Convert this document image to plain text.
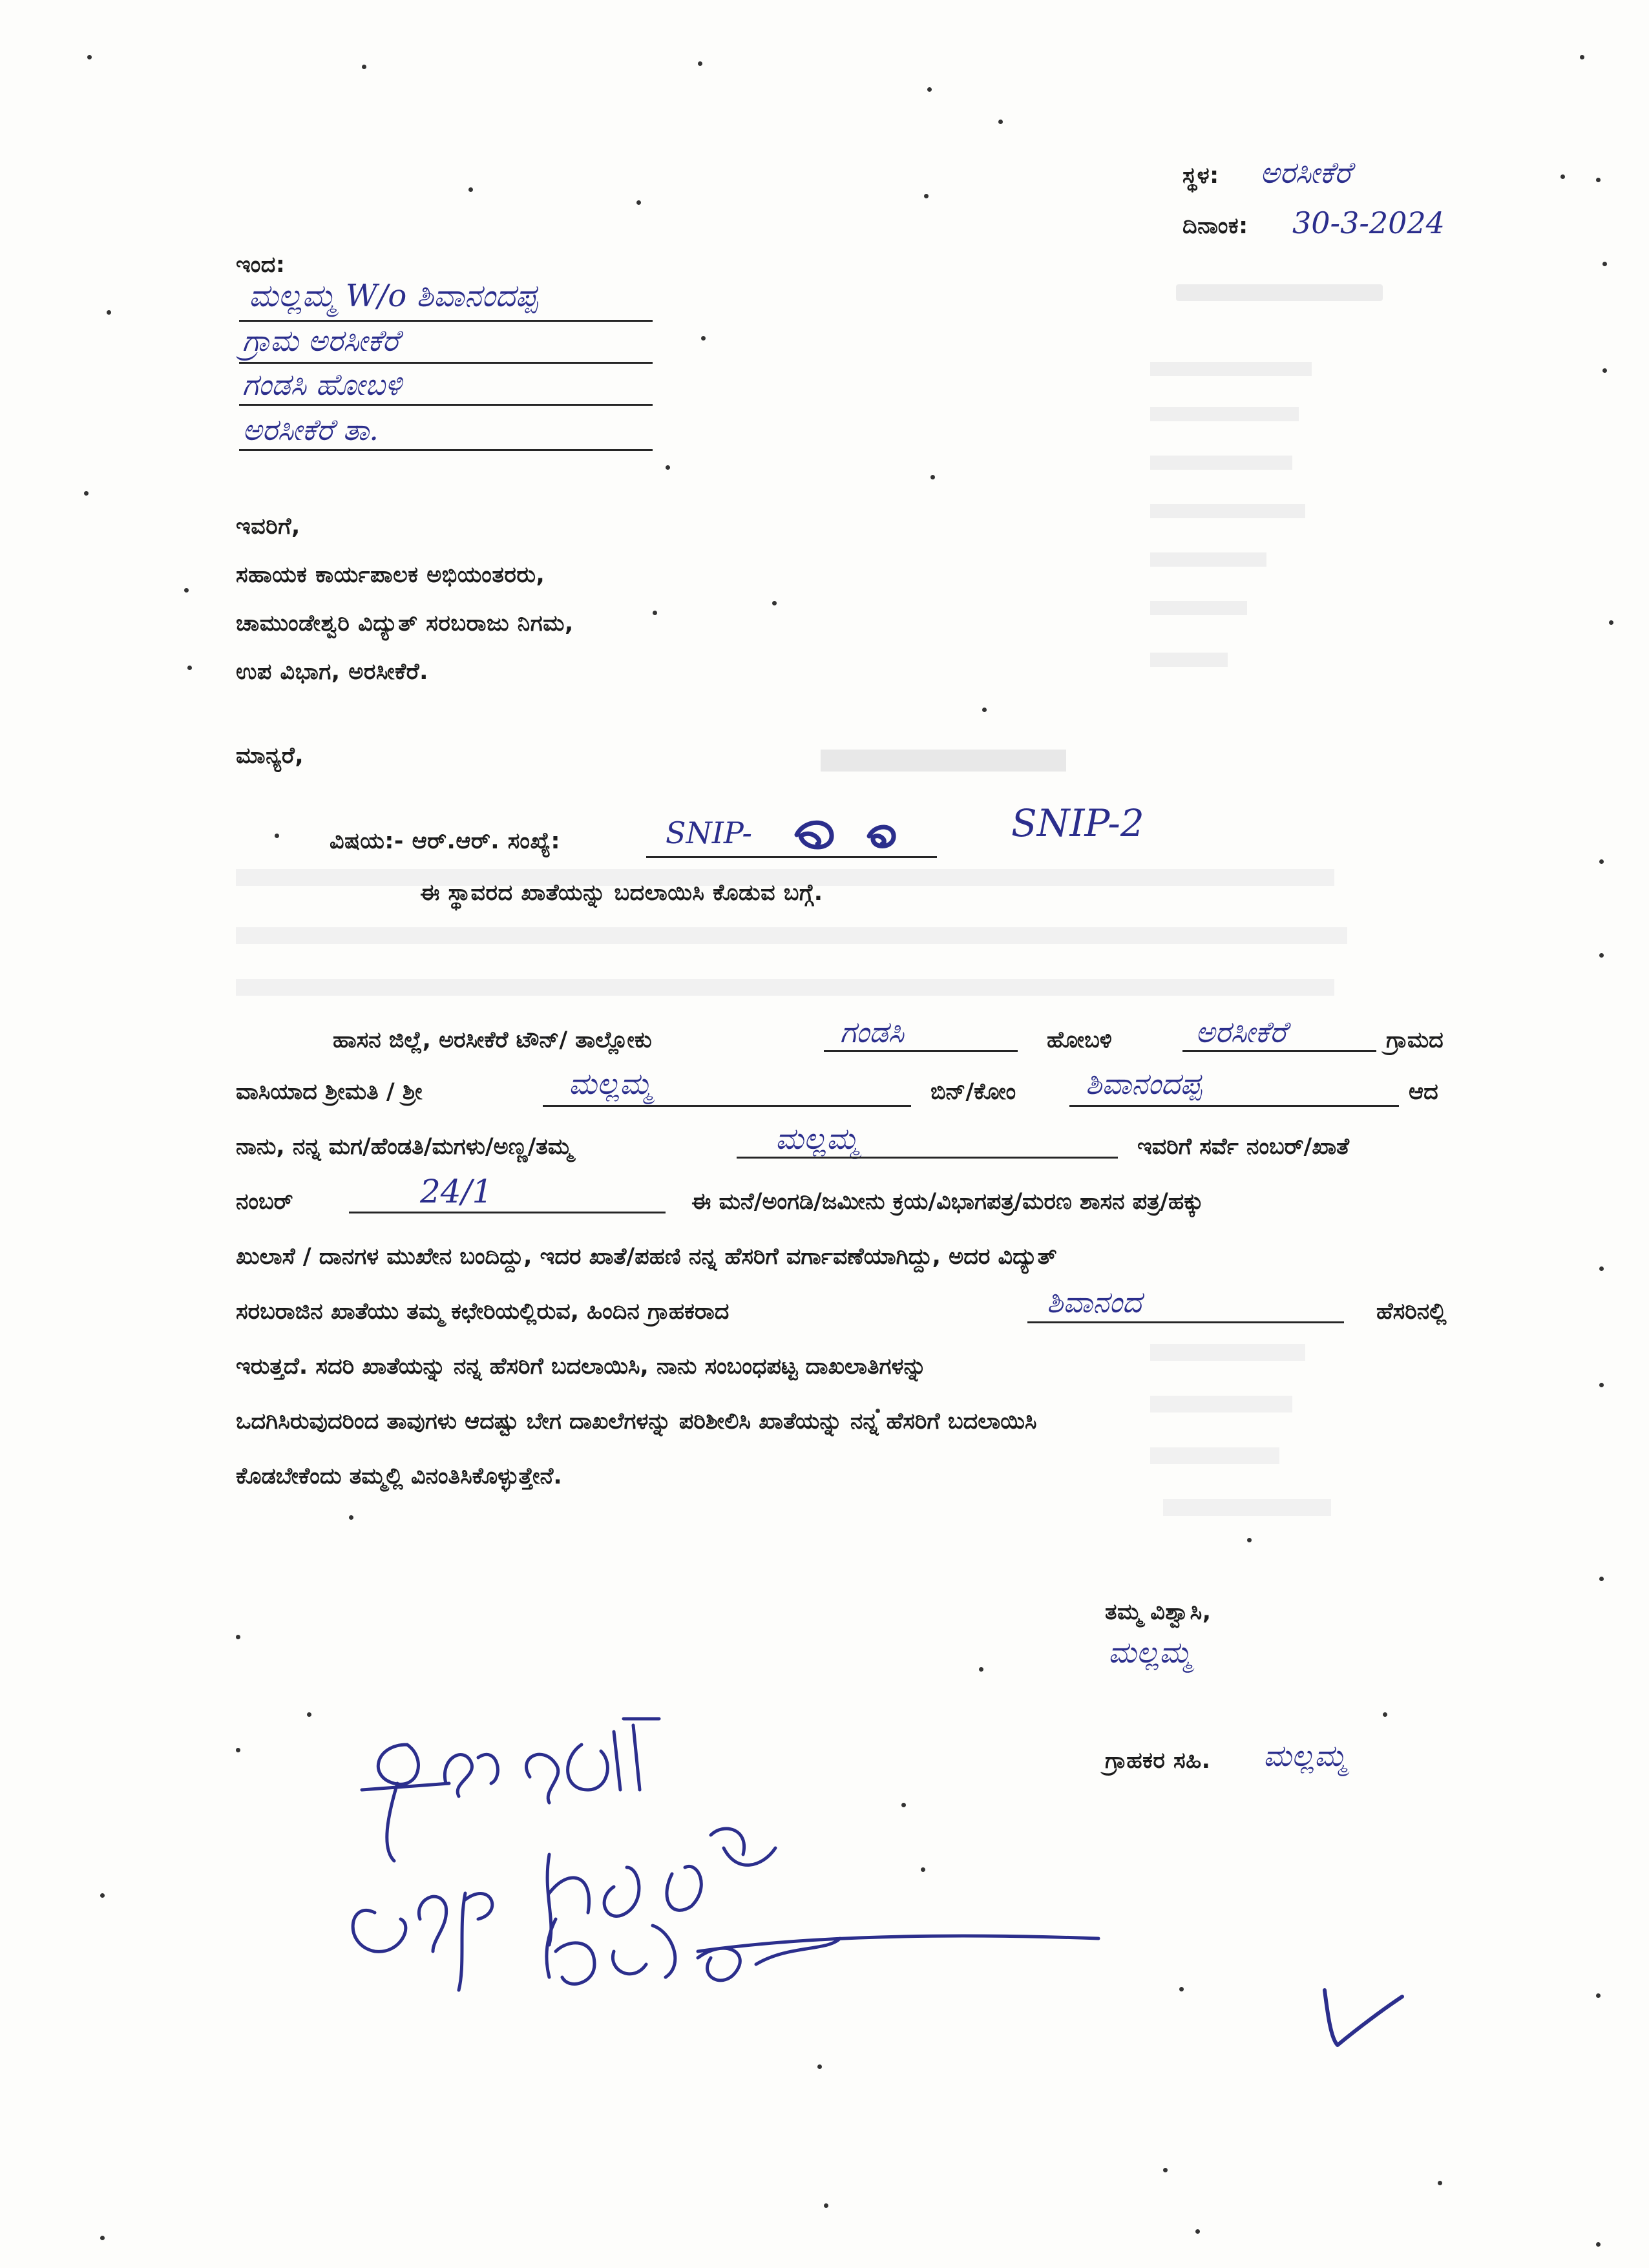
ಸ್ಥಳ: ಅರಸೀಕೆರೆ
ದಿನಾಂಕ: 30-3-2024
ಇಂದ:
ಮಲ್ಲಮ್ಮ W/o ಶಿವಾನಂದಪ್ಪ
ಗ್ರಾಮ ಅರಸೀಕೆರೆ
ಗಂಡಸಿ ಹೋಬಳಿ
ಅರಸೀಕೆರೆ ತಾ.
ಇವರಿಗೆ,
ಸಹಾಯಕ ಕಾರ್ಯಪಾಲಕ ಅಭಿಯಂತರರು,
ಚಾಮುಂಡೇಶ್ವರಿ ವಿದ್ಯುತ್ ಸರಬರಾಜು ನಿಗಮ,
ಉಪ ವಿಭಾಗ, ಅರಸೀಕೆರೆ.
ಮಾನ್ಯರೆ,
ವಿಷಯ:- ಆರ್.ಆರ್. ಸಂಖ್ಯೆ:	SNIP-	SNIP-2
ಈ ಸ್ಥಾವರದ ಖಾತೆಯನ್ನು ಬದಲಾಯಿಸಿ ಕೊಡುವ ಬಗ್ಗೆ.
ಹಾಸನ ಜಿಲ್ಲೆ, ಅರಸೀಕೆರೆ ಟೌನ್/ ತಾಲ್ಲೋಕು	ಗಂಡಸಿ	ಹೋಬಳಿ	ಅರಸೀಕೆರೆ	ಗ್ರಾಮದ
ವಾಸಿಯಾದ ಶ್ರೀಮತಿ / ಶ್ರೀ	ಮಲ್ಲಮ್ಮ	ಬಿನ್/ಕೋಂ ಶಿವಾನಂದಪ್ಪ	ಆದ
ನಾನು, ನನ್ನ ಮಗ/ಹೆಂಡತಿ/ಮಗಳು/ಅಣ್ಣ/ತಮ್ಮ	ಮಲ್ಲಮ್ಮ	ಇವರಿಗೆ ಸರ್ವೆ ನಂಬರ್/ಖಾತೆ
ನಂಬರ್	24/1	ಈ ಮನೆ/ಅಂಗಡಿ/ಜಮೀನು ಕ್ರಯ/ವಿಭಾಗಪತ್ರ/ಮರಣ ಶಾಸನ ಪತ್ರ/ಹಕ್ಕು
ಖುಲಾಸೆ / ದಾನಗಳ ಮುಖೇನ ಬಂದಿದ್ದು, ಇದರ ಖಾತೆ/ಪಹಣಿ ನನ್ನ ಹೆಸರಿಗೆ ವರ್ಗಾವಣೆಯಾಗಿದ್ದು, ಅದರ ವಿದ್ಯುತ್
ಸರಬರಾಜಿನ ಖಾತೆಯು ತಮ್ಮ ಕಛೇರಿಯಲ್ಲಿರುವ, ಹಿಂದಿನ ಗ್ರಾಹಕರಾದ	ಶಿವಾನಂದ	ಹೆಸರಿನಲ್ಲಿ
ಇರುತ್ತದೆ. ಸದರಿ ಖಾತೆಯನ್ನು ನನ್ನ ಹೆಸರಿಗೆ ಬದಲಾಯಿಸಿ, ನಾನು ಸಂಬಂಧಪಟ್ಟ ದಾಖಲಾತಿಗಳನ್ನು
ಒದಗಿಸಿರುವುದರಿಂದ ತಾವುಗಳು ಆದಷ್ಟು ಬೇಗ ದಾಖಲೆಗಳನ್ನು ಪರಿಶೀಲಿಸಿ ಖಾತೆಯನ್ನು ನನ್ನ ಹೆಸರಿಗೆ ಬದಲಾಯಿಸಿ
ಕೊಡಬೇಕೆಂದು ತಮ್ಮಲ್ಲಿ ವಿನಂತಿಸಿಕೊಳ್ಳುತ್ತೇನೆ.
ತಮ್ಮ ವಿಶ್ವಾಸಿ,
ಮಲ್ಲಮ್ಮ
ಗ್ರಾಹಕರ ಸಹಿ. ಮಲ್ಲಮ್ಮ
